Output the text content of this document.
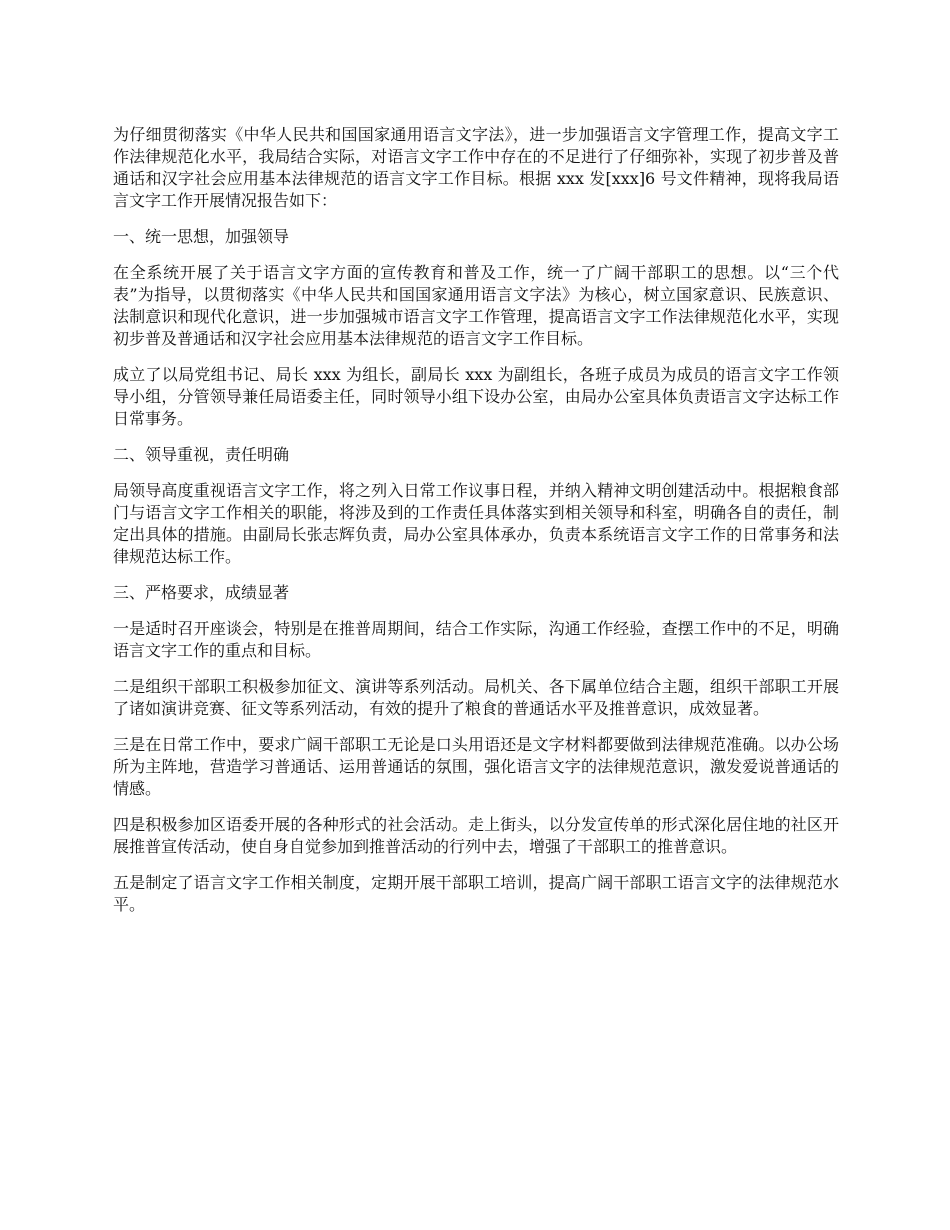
为仔细贯彻落实《中华人民共和国国家通用语言文字法》，进一步加强语言文字管理工作，提高文字工作法律规范化水平，我局结合实际，对语言文字工作中存在的不足进行了仔细弥补，实现了初步普及普通话和汉字社会应用基本法律规范的语言文字工作目标。根据 xxx 发[xxx]6 号文件精神，现将我局语言文字工作开展情况报告如下：

一、统一思想，加强领导

在全系统开展了关于语言文字方面的宣传教育和普及工作，统一了广阔干部职工的思想。以“三个代表”为指导，以贯彻落实《中华人民共和国国家通用语言文字法》为核心，树立国家意识、民族意识、法制意识和现代化意识，进一步加强城市语言文字工作管理，提高语言文字工作法律规范化水平，实现初步普及普通话和汉字社会应用基本法律规范的语言文字工作目标。

成立了以局党组书记、局长 xxx 为组长，副局长 xxx 为副组长，各班子成员为成员的语言文字工作领导小组，分管领导兼任局语委主任，同时领导小组下设办公室，由局办公室具体负责语言文字达标工作日常事务。

二、领导重视，责任明确

局领导高度重视语言文字工作，将之列入日常工作议事日程，并纳入精神文明创建活动中。根据粮食部门与语言文字工作相关的职能，将涉及到的工作责任具体落实到相关领导和科室，明确各自的责任，制定出具体的措施。由副局长张志辉负责，局办公室具体承办，负责本系统语言文字工作的日常事务和法律规范达标工作。

三、严格要求，成绩显著

一是适时召开座谈会，特别是在推普周期间，结合工作实际，沟通工作经验，查摆工作中的不足，明确语言文字工作的重点和目标。

二是组织干部职工积极参加征文、演讲等系列活动。局机关、各下属单位结合主题，组织干部职工开展了诸如演讲竞赛、征文等系列活动，有效的提升了粮食的普通话水平及推普意识，成效显著。

三是在日常工作中，要求广阔干部职工无论是口头用语还是文字材料都要做到法律规范准确。以办公场所为主阵地，营造学习普通话、运用普通话的氛围，强化语言文字的法律规范意识，激发爱说普通话的情感。

四是积极参加区语委开展的各种形式的社会活动。走上街头，以分发宣传单的形式深化居住地的社区开展推普宣传活动，使自身自觉参加到推普活动的行列中去，增强了干部职工的推普意识。

五是制定了语言文字工作相关制度，定期开展干部职工培训，提高广阔干部职工语言文字的法律规范水平。
